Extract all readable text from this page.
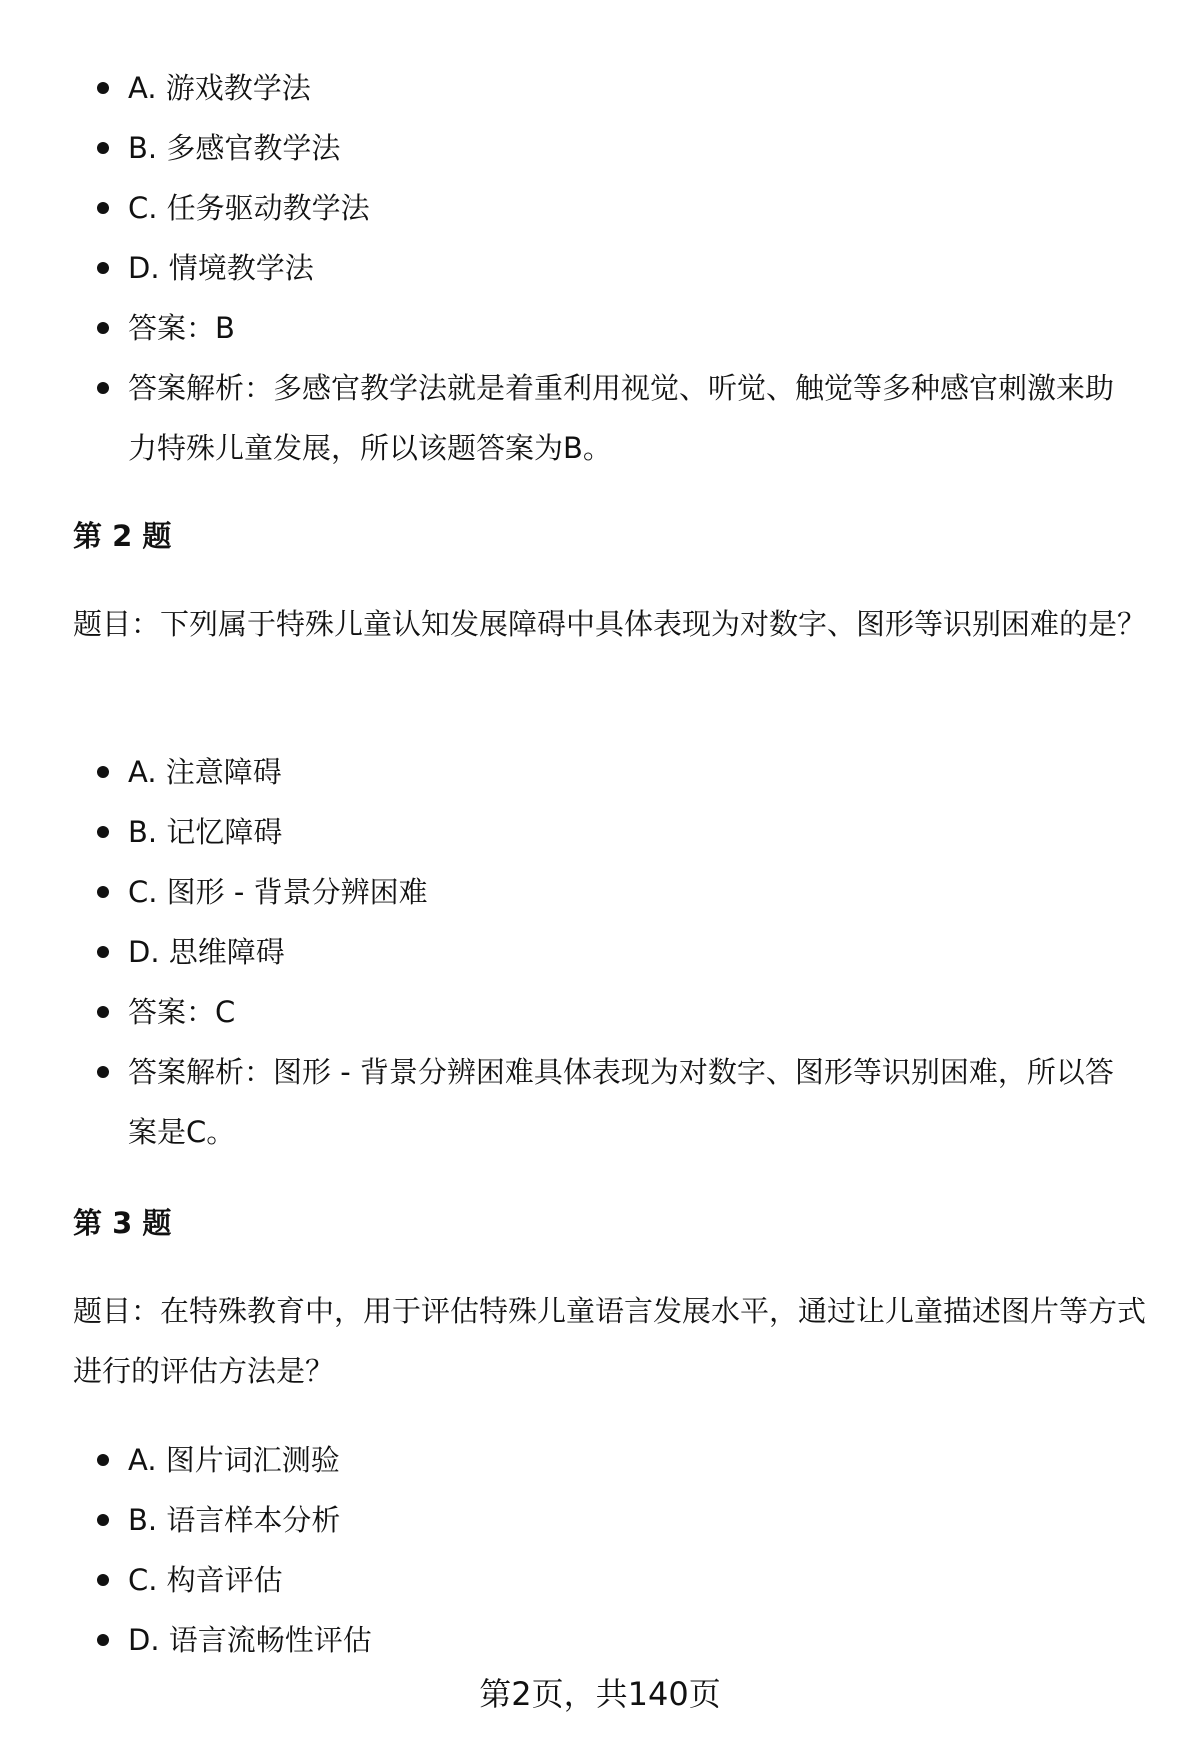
A. 游戏教学法
B. 多感官教学法
C. 任务驱动教学法
D. 情境教学法
答案：B
答案解析：多感官教学法就是着重利用视觉、听觉、触觉等多种感官刺激来助力特殊儿童发展，所以该题答案为B。
第 2 题
题目：下列属于特殊儿童认知发展障碍中具体表现为对数字、图形等识别困难的是？
A. 注意障碍
B. 记忆障碍
C. 图形 - 背景分辨困难
D. 思维障碍
答案：C
答案解析：图形 - 背景分辨困难具体表现为对数字、图形等识别困难，所以答案是C。
第 3 题
题目：在特殊教育中，用于评估特殊儿童语言发展水平，通过让儿童描述图片等方式进行的评估方法是？
A. 图片词汇测验
B. 语言样本分析
C. 构音评估
D. 语言流畅性评估
第2页，共140页
